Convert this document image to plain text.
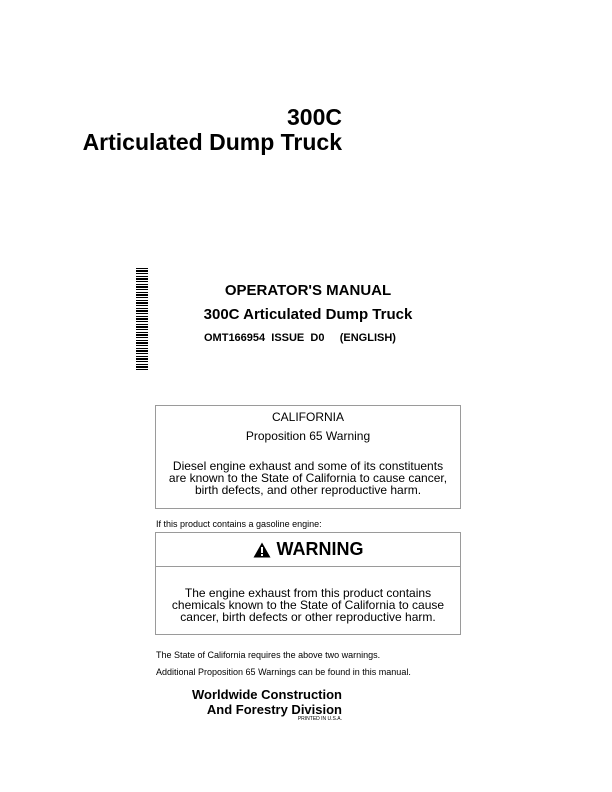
300C
Articulated Dump Truck
OPERATOR'S MANUAL
300C Articulated Dump Truck
OMT166954  ISSUE  D0     (ENGLISH)
CALIFORNIA
Proposition 65 Warning
Diesel engine exhaust and some of its constituents
are known to the State of California to cause cancer,
birth defects, and other reproductive harm.
If this product contains a gasoline engine:
WARNING
The engine exhaust from this product contains
chemicals known to the State of California to cause
cancer, birth defects or other reproductive harm.
The State of California requires the above two warnings.
Additional Proposition 65 Warnings can be found in this manual.
Worldwide Construction
And Forestry Division
PRINTED IN U.S.A.
